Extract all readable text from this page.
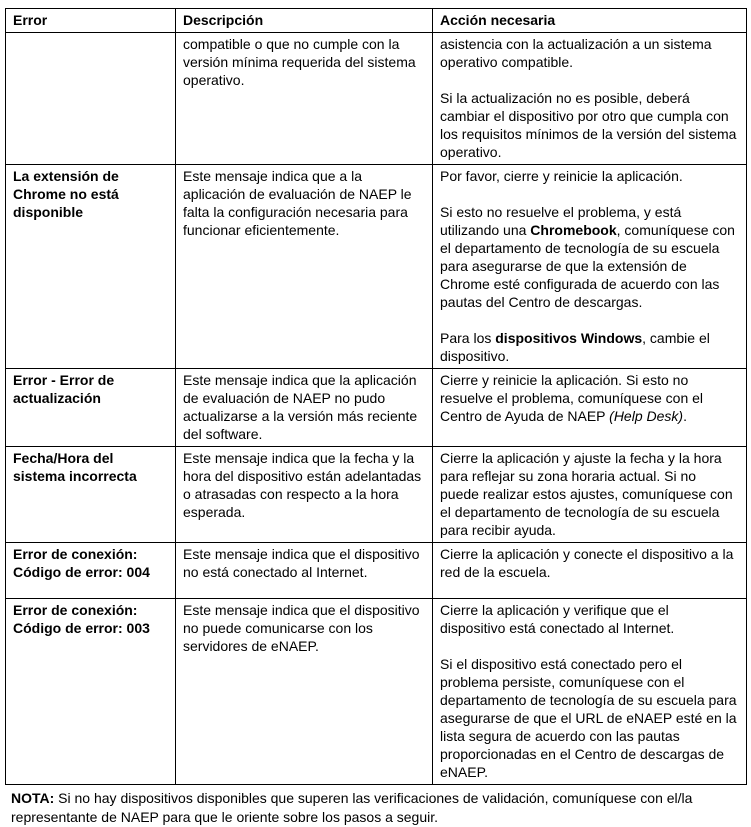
Error	Descripción	Acción necesaria

	compatible o que no cumple con la versión mínima requerida del sistema operativo.	asistencia con la actualización a un sistema operativo compatible.
Si la actualización no es posible, deberá cambiar el dispositivo por otro que cumpla con los requisitos mínimos de la versión del sistema operativo.

La extensión de Chrome no está disponible	Este mensaje indica que a la aplicación de evaluación de NAEP le falta la configuración necesaria para funcionar eficientemente.	Por favor, cierre y reinicie la aplicación.
Si esto no resuelve el problema, y está utilizando una Chromebook, comuníquese con el departamento de tecnología de su escuela para asegurarse de que la extensión de Chrome esté configurada de acuerdo con las pautas del Centro de descargas.
Para los dispositivos Windows, cambie el dispositivo.

Error - Error de actualización	Este mensaje indica que la aplicación de evaluación de NAEP no pudo actualizarse a la versión más reciente del software.	Cierre y reinicie la aplicación. Si esto no resuelve el problema, comuníquese con el Centro de Ayuda de NAEP (Help Desk).

Fecha/Hora del sistema incorrecta	Este mensaje indica que la fecha y la hora del dispositivo están adelantadas o atrasadas con respecto a la hora esperada.	Cierre la aplicación y ajuste la fecha y la hora para reflejar su zona horaria actual. Si no puede realizar estos ajustes, comuníquese con el departamento de tecnología de su escuela para recibir ayuda.

Error de conexión: Código de error: 004	Este mensaje indica que el dispositivo no está conectado al Internet.	Cierre la aplicación y conecte el dispositivo a la red de la escuela.

Error de conexión: Código de error: 003	Este mensaje indica que el dispositivo no puede comunicarse con los servidores de eNAEP.	Cierre la aplicación y verifique que el dispositivo está conectado al Internet.
Si el dispositivo está conectado pero el problema persiste, comuníquese con el departamento de tecnología de su escuela para asegurarse de que el URL de eNAEP esté en la lista segura de acuerdo con las pautas proporcionadas en el Centro de descargas de eNAEP.

NOTA: Si no hay dispositivos disponibles que superen las verificaciones de validación, comuníquese con el/la representante de NAEP para que le oriente sobre los pasos a seguir.
